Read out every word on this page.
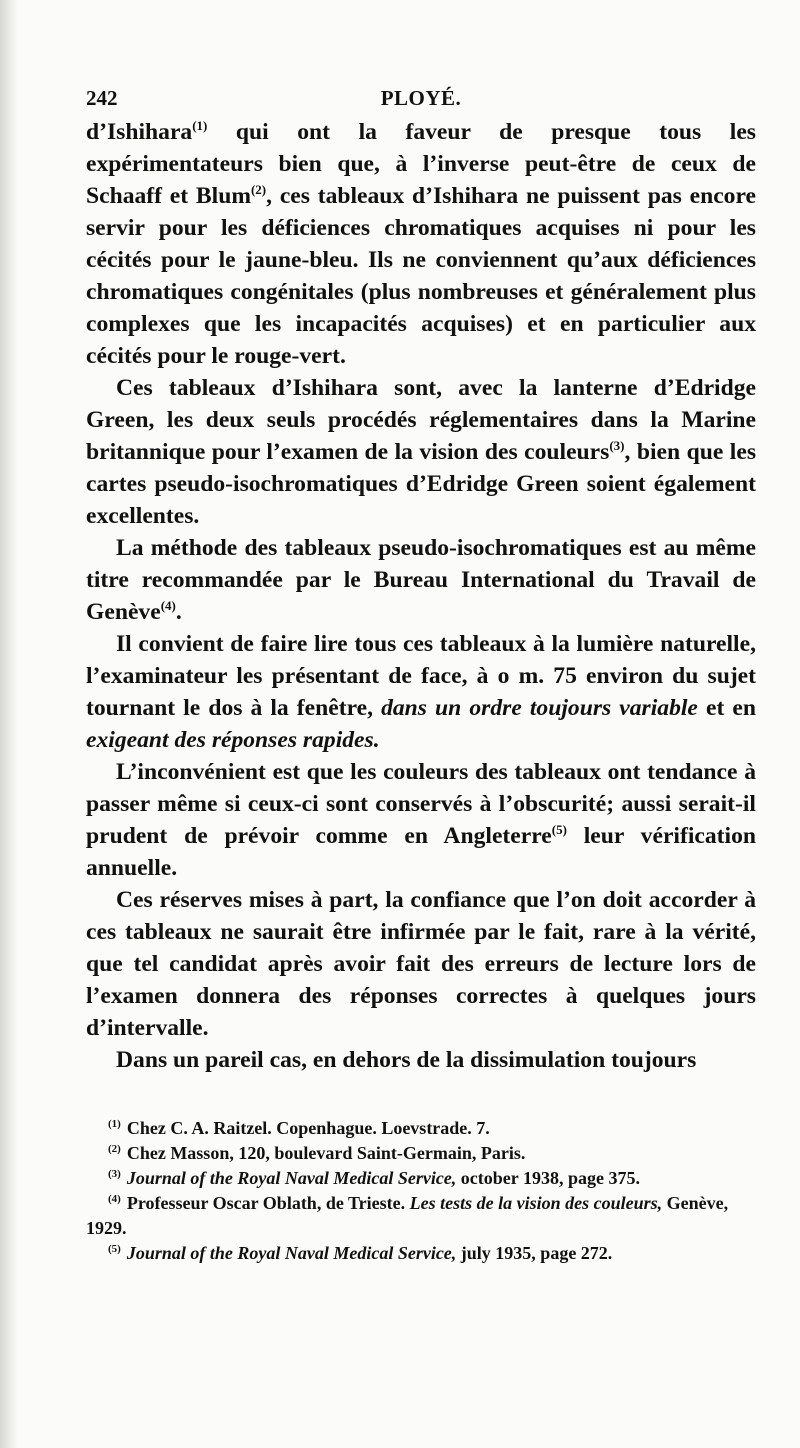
242	PLOYÉ.

d’Ishihara$^{(1)}$ qui ont la faveur de presque tous les expérimentateurs bien que, à l’inverse peut-être de ceux de Schaaff et Blum$^{(2)}$, ces tableaux d’Ishihara ne puissent pas encore servir pour les déficiences chromatiques acquises ni pour les cécités pour le jaune-bleu. Ils ne conviennent qu’aux déficiences chromatiques congénitales (plus nombreuses et généralement plus complexes que les incapacités acquises) et en particulier aux cécités pour le rouge-vert.

Ces tableaux d’Ishihara sont, avec la lanterne d’Edridge Green, les deux seuls procédés réglementaires dans la Marine britannique pour l’examen de la vision des couleurs$^{(3)}$, bien que les cartes pseudo-isochromatiques d’Edridge Green soient également excellentes.

La méthode des tableaux pseudo-isochromatiques est au même titre recommandée par le Bureau International du Travail de Genève$^{(4)}$.

Il convient de faire lire tous ces tableaux à la lumière naturelle, l’examinateur les présentant de face, à o m. 75 environ du sujet tournant le dos à la fenêtre, dans un ordre toujours variable et en exigeant des réponses rapides.

L’inconvénient est que les couleurs des tableaux ont tendance à passer même si ceux-ci sont conservés à l’obscurité; aussi serait-il prudent de prévoir comme en Angleterre$^{(5)}$ leur vérification annuelle.

Ces réserves mises à part, la confiance que l’on doit accorder à ces tableaux ne saurait être infirmée par le fait, rare à la vérité, que tel candidat après avoir fait des erreurs de lecture lors de l’examen donnera des réponses correctes à quelques jours d’intervalle.

Dans un pareil cas, en dehors de la dissimulation toujours

$^{(1)}$ Chez C. A. Raitzel. Copenhague. Loevstrade. 7.

$^{(2)}$ Chez Masson, 120, boulevard Saint-Germain, Paris.

$^{(3)}$ Journal of the Royal Naval Medical Service, october 1938, page 375.

$^{(4)}$ Professeur Oscar Oblath, de Trieste. Les tests de la vision des couleurs, Genève, 1929.

$^{(5)}$ Journal of the Royal Naval Medical Service, july 1935, page 272.
